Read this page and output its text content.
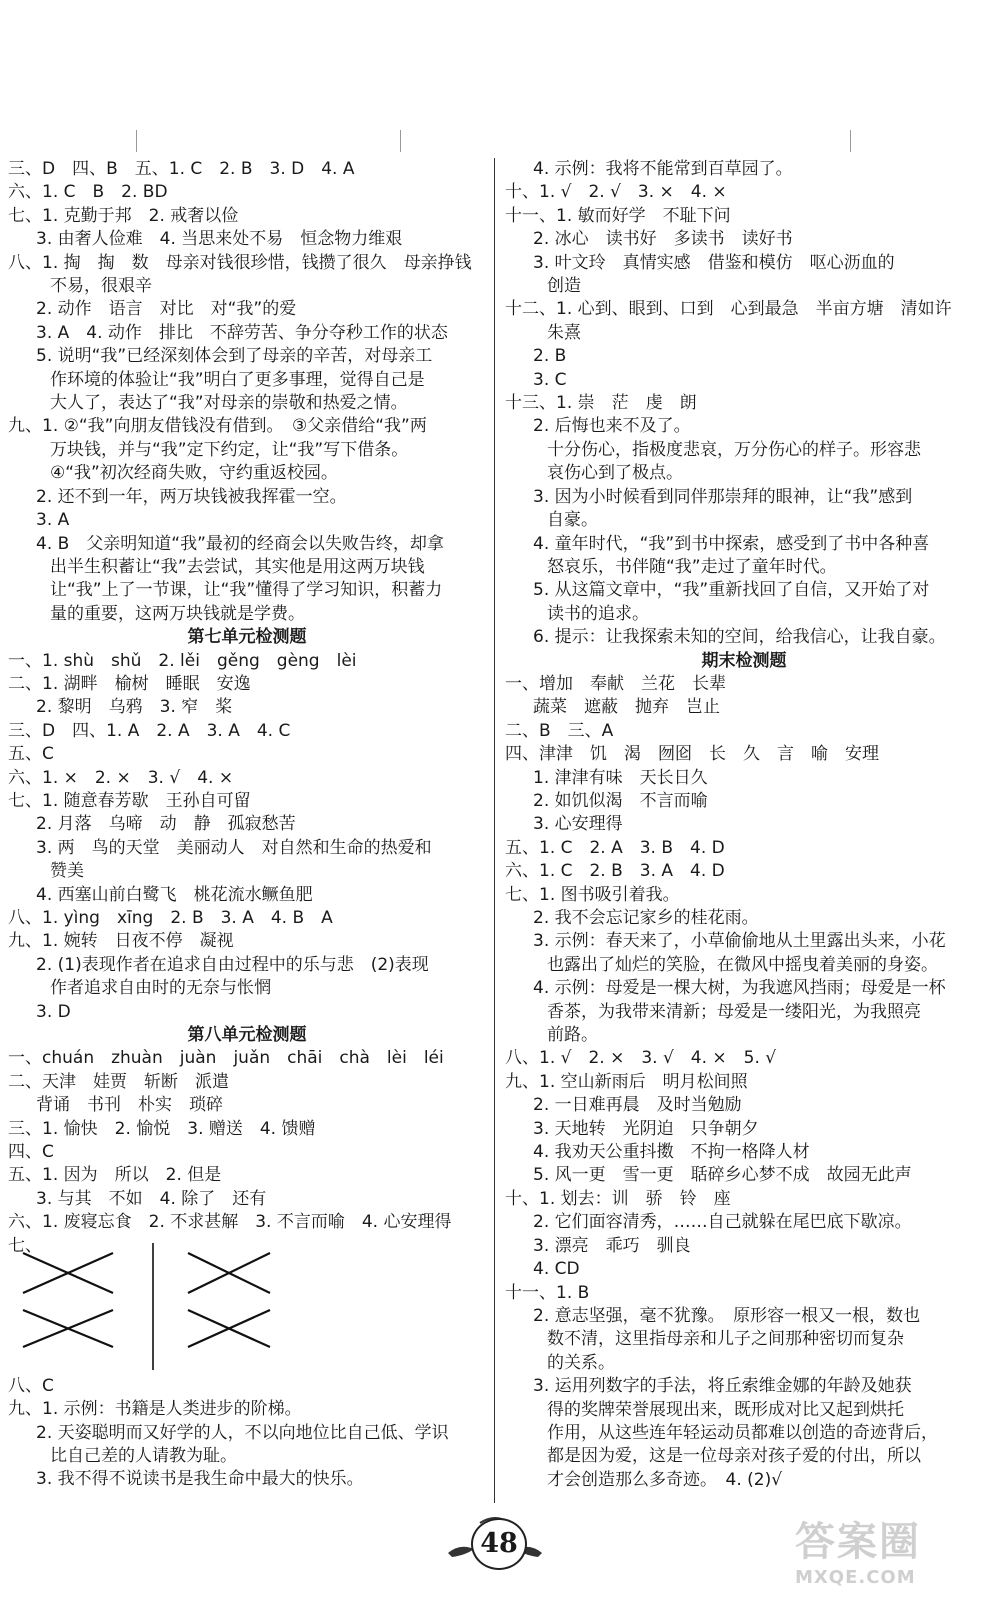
三、D　四、B　五、1. C　2. B　3. D　4. A
六、1. C　B　2. BD
七、1. 克勤于邦　2. 戒奢以俭
3. 由奢人俭难　4. 当思来处不易　恒念物力维艰
八、1. 掏　掏　数　母亲对钱很珍惜，钱攒了很久　母亲挣钱
不易，很艰辛
2. 动作　语言　对比　对“我”的爱
3. A　4. 动作　排比　不辞劳苦、争分夺秒工作的状态
5. 说明“我”已经深刻体会到了母亲的辛苦，对母亲工
作环境的体验让“我”明白了更多事理，觉得自己是
大人了，表达了“我”对母亲的崇敬和热爱之情。
九、1. ②“我”向朋友借钱没有借到。　③父亲借给“我”两
万块钱，并与“我”定下约定，让“我”写下借条。
④“我”初次经商失败，守约重返校园。
2. 还不到一年，两万块钱被我挥霍一空。
3. A
4. B　父亲明知道“我”最初的经商会以失败告终，却拿
出半生积蓄让“我”去尝试，其实他是用这两万块钱
让“我”上了一节课，让“我”懂得了学习知识，积蓄力
量的重要，这两万块钱就是学费。
第七单元检测题
一、1. shù　shǔ　2. lěi　gěng　gèng　lèi
二、1. 湖畔　榆树　睡眠　安逸
2. 黎明　乌鸦　3. 窄　桨
三、D　四、1. A　2. A　3. A　4. C
五、C
六、1. ×　2. ×　3. √　4. ×
七、1. 随意春芳歇　王孙自可留
2. 月落　乌啼　动　静　孤寂愁苦
3. 两　鸟的天堂　美丽动人　对自然和生命的热爱和
赞美
4. 西塞山前白鹭飞　桃花流水鳜鱼肥
八、1. yìng　xīng　2. B　3. A　4. B　A
九、1. 婉转　日夜不停　凝视
2. (1)表现作者在追求自由过程中的乐与悲　(2)表现
作者追求自由时的无奈与怅惘
3. D
第八单元检测题
一、chuán　zhuàn　juàn　juǎn　chāi　chà　lèi　léi
二、天津　娃贾　斩断　派遣
背诵　书刊　朴实　琐碎
三、1. 愉快　2. 愉悦　3. 赠送　4. 馈赠
四、C
五、1. 因为　所以　2. 但是
3. 与其　不如　4. 除了　还有
六、1. 废寝忘食　2. 不求甚解　3. 不言而喻　4. 心安理得
七、
八、C
九、1. 示例：书籍是人类进步的阶梯。
2. 天姿聪明而又好学的人，不以向地位比自己低、学识
比自己差的人请教为耻。
3. 我不得不说读书是我生命中最大的快乐。
4. 示例：我将不能常到百草园了。
十、1. √　2. √　3. ×　4. ×
十一、1. 敏而好学　不耻下问
2. 冰心　读书好　多读书　读好书
3. 叶文玲　真情实感　借鉴和模仿　呕心沥血的
创造
十二、1. 心到、眼到、口到　心到最急　半亩方塘　清如许
朱熹
2. B
3. C
十三、1. 崇　茫　虔　朗
2. 后悔也来不及了。
十分伤心，指极度悲哀，万分伤心的样子。形容悲
哀伤心到了极点。
3. 因为小时候看到同伴那崇拜的眼神，让“我”感到
自豪。
4. 童年时代，“我”到书中探索，感受到了书中各种喜
怒哀乐，书伴随“我”走过了童年时代。
5. 从这篇文章中，“我”重新找回了自信，又开始了对
读书的追求。
6. 提示：让我探索未知的空间，给我信心，让我自豪。
期末检测题
一、增加　奉献　兰花　长辈
蔬菜　遮蔽　抛弃　岂止
二、B　三、A
四、津津　饥　渴　囫囵　长　久　言　喻　安理
1. 津津有味　天长日久
2. 如饥似渴　不言而喻
3. 心安理得
五、1. C　2. A　3. B　4. D
六、1. C　2. B　3. A　4. D
七、1. 图书吸引着我。
2. 我不会忘记家乡的桂花雨。
3. 示例：春天来了，小草偷偷地从土里露出头来，小花
也露出了灿烂的笑脸，在微风中摇曳着美丽的身姿。
4. 示例：母爱是一棵大树，为我遮风挡雨；母爱是一杯
香茶，为我带来清新；母爱是一缕阳光，为我照亮
前路。
八、1. √　2. ×　3. √　4. ×　5. √
九、1. 空山新雨后　明月松间照
2. 一日难再晨　及时当勉励
3. 天地转　光阴迫　只争朝夕
4. 我劝天公重抖擞　不拘一格降人材
5. 风一更　雪一更　聒碎乡心梦不成　故园无此声
十、1. 划去：训　骄　铃　座
2. 它们面容清秀，……自己就躲在尾巴底下歇凉。
3. 漂亮　乖巧　驯良
4. CD
十一、1. B
2. 意志坚强，毫不犹豫。　原形容一根又一根，数也
数不清，这里指母亲和儿子之间那种密切而复杂
的关系。
3. 运用列数字的手法，将丘索维金娜的年龄及她获
得的奖牌荣誉展现出来，既形成对比又起到烘托
作用，从这些连年轻运动员都难以创造的奇迹背后，
都是因为爱，这是一位母亲对孩子爱的付出，所以
才会创造那么多奇迹。　4. (2)√
48	答案圈
MXQE.COM
